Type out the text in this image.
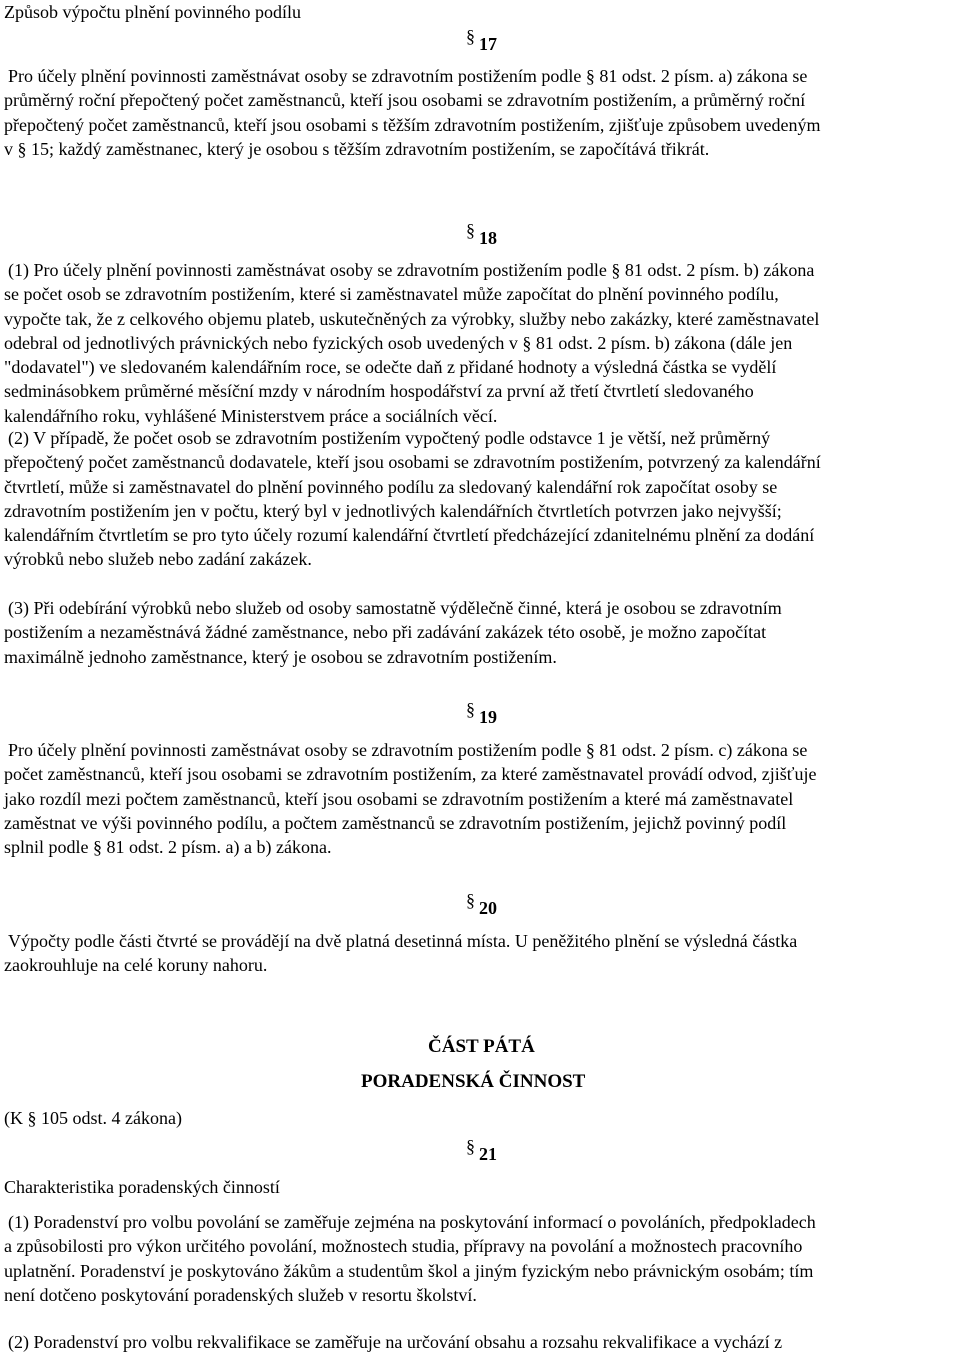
Způsob výpočtu plnění povinného podílu
§ 17
Pro účely plnění povinnosti zaměstnávat osoby se zdravotním postižením podle § 81 odst. 2 písm. a) zákona se
průměrný roční přepočtený počet zaměstnanců, kteří jsou osobami se zdravotním postižením, a průměrný roční
přepočtený počet zaměstnanců, kteří jsou osobami s těžším zdravotním postižením, zjišťuje způsobem uvedeným
v § 15; každý zaměstnanec, který je osobou s těžším zdravotním postižením, se započítává třikrát.
§ 18
(1) Pro účely plnění povinnosti zaměstnávat osoby se zdravotním postižením podle § 81 odst. 2 písm. b) zákona
se počet osob se zdravotním postižením, které si zaměstnavatel může započítat do plnění povinného podílu,
vypočte tak, že z celkového objemu plateb, uskutečněných za výrobky, služby nebo zakázky, které zaměstnavatel
odebral od jednotlivých právnických nebo fyzických osob uvedených v § 81 odst. 2 písm. b) zákona (dále jen
"dodavatel") ve sledovaném kalendářním roce, se odečte daň z přidané hodnoty a výsledná částka se vydělí
sedminásobkem průměrné měsíční mzdy v národním hospodářství za první až třetí čtvrtletí sledovaného
kalendářního roku, vyhlášené Ministerstvem práce a sociálních věcí.
(2) V případě, že počet osob se zdravotním postižením vypočtený podle odstavce 1 je větší, než průměrný
přepočtený počet zaměstnanců dodavatele, kteří jsou osobami se zdravotním postižením, potvrzený za kalendářní
čtvrtletí, může si zaměstnavatel do plnění povinného podílu za sledovaný kalendářní rok započítat osoby se
zdravotním postižením jen v počtu, který byl v jednotlivých kalendářních čtvrtletích potvrzen jako nejvyšší;
kalendářním čtvrtletím se pro tyto účely rozumí kalendářní čtvrtletí předcházející zdanitelnému plnění za dodání
výrobků nebo služeb nebo zadání zakázek.
(3) Při odebírání výrobků nebo služeb od osoby samostatně výdělečně činné, která je osobou se zdravotním
postižením a nezaměstnává žádné zaměstnance, nebo při zadávání zakázek této osobě, je možno započítat
maximálně jednoho zaměstnance, který je osobou se zdravotním postižením.
§ 19
Pro účely plnění povinnosti zaměstnávat osoby se zdravotním postižením podle § 81 odst. 2 písm. c) zákona se
počet zaměstnanců, kteří jsou osobami se zdravotním postižením, za které zaměstnavatel provádí odvod, zjišťuje
jako rozdíl mezi počtem zaměstnanců, kteří jsou osobami se zdravotním postižením a které má zaměstnavatel
zaměstnat ve výši povinného podílu, a počtem zaměstnanců se zdravotním postižením, jejichž povinný podíl
splnil podle § 81 odst. 2 písm. a) a b) zákona.
§ 20
Výpočty podle části čtvrté se provádějí na dvě platná desetinná místa. U peněžitého plnění se výsledná částka
zaokrouhluje na celé koruny nahoru.
ČÁST PÁTÁ
PORADENSKÁ ČINNOST
(K § 105 odst. 4 zákona)
§ 21
Charakteristika poradenských činností
(1) Poradenství pro volbu povolání se zaměřuje zejména na poskytování informací o povoláních, předpokladech
a způsobilosti pro výkon určitého povolání, možnostech studia, přípravy na povolání a možnostech pracovního
uplatnění. Poradenství je poskytováno žákům a studentům škol a jiným fyzickým nebo právnickým osobám; tím
není dotčeno poskytování poradenských služeb v resortu školství.
(2) Poradenství pro volbu rekvalifikace se zaměřuje na určování obsahu a rozsahu rekvalifikace a vychází z
